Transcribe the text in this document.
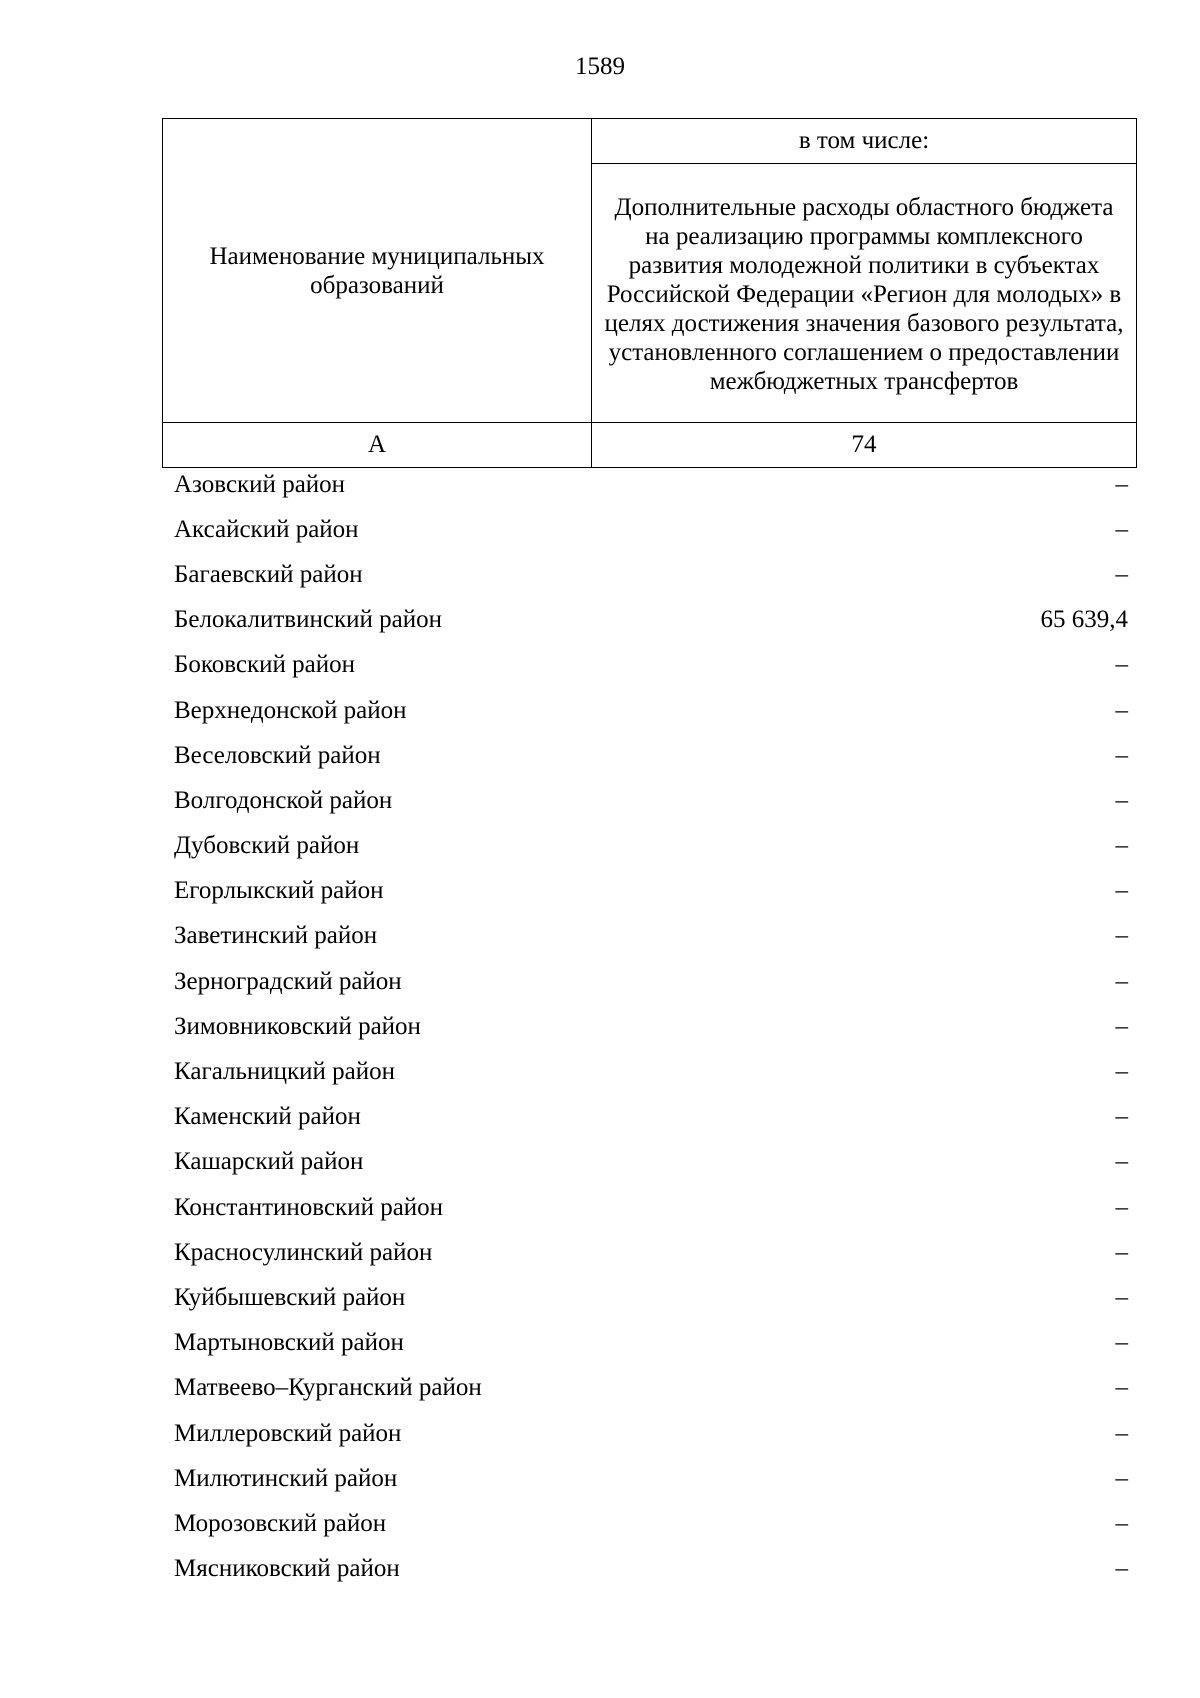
1589
Наименование муниципальных образований	в том числе:
	Дополнительные расходы областного бюджета на реализацию программы комплексного развития молодежной политики в субъектах Российской Федерации «Регион для молодых» в целях достижения значения базового результата, установленного соглашением о предоставлении межбюджетных трансфертов
А	74
Азовский район	–
Аксайский район	–
Багаевский район	–
Белокалитвинский район	65 639,4
Боковский район	–
Верхнедонской район	–
Веселовский район	–
Волгодонской район	–
Дубовский район	–
Егорлыкский район	–
Заветинский район	–
Зерноградский район	–
Зимовниковский район	–
Кагальницкий район	–
Каменский район	–
Кашарский район	–
Константиновский район	–
Красносулинский район	–
Куйбышевский район	–
Мартыновский район	–
Матвеево–Курганский район	–
Миллеровский район	–
Милютинский район	–
Морозовский район	–
Мясниковский район	–
